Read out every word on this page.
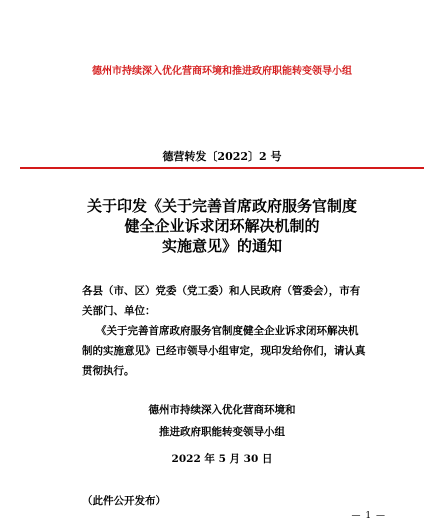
德州市持续深入优化营商环境和推进政府职能转变领导小组
德营转发〔2022〕2 号
关于印发《关于完善首席政府服务官制度
健全企业诉求闭环解决机制的
实施意见》的通知
各县（市、区）党委（党工委）和人民政府（管委会），市有
关部门、单位：
《关于完善首席政府服务官制度健全企业诉求闭环解决机
制的实施意见》已经市领导小组审定，现印发给你们，请认真
贯彻执行。
德州市持续深入优化营商环境和
推进政府职能转变领导小组
2022 年 5 月 30 日
（此件公开发布）
— 1 —
